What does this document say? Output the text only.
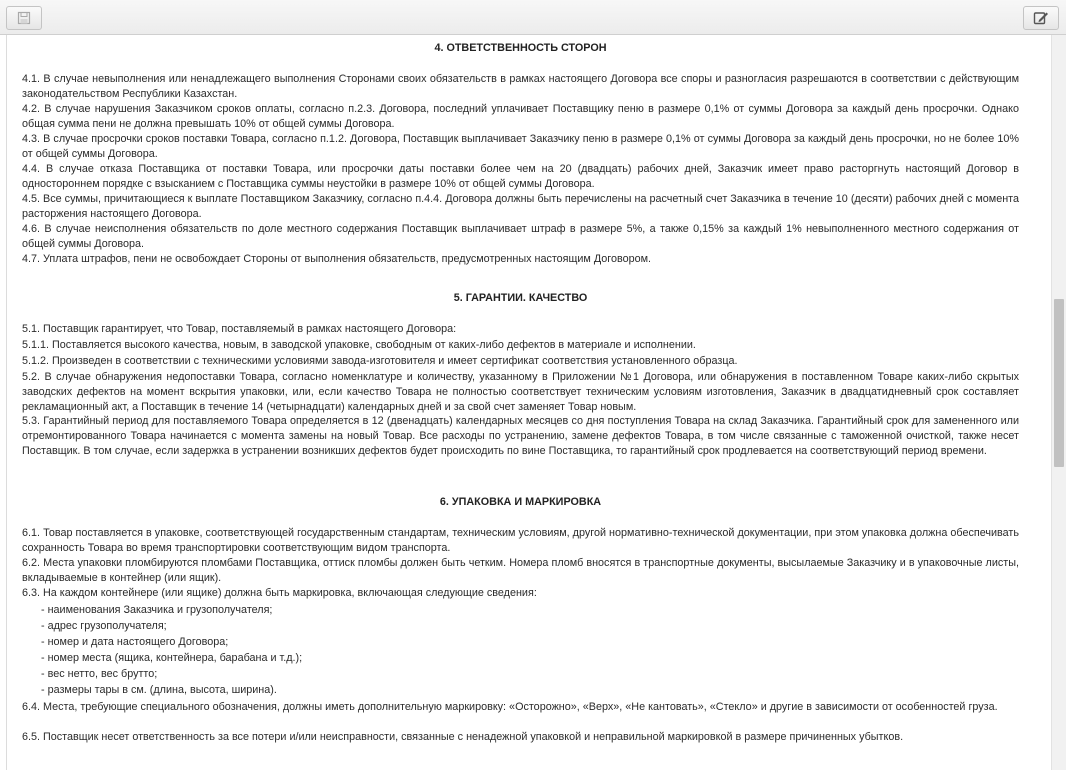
4. ОТВЕТСТВЕННОСТЬ СТОРОН
4.1. В случае невыполнения или ненадлежащего выполнения Сторонами своих обязательств в рамках настоящего Договора все споры и разногласия разрешаются в соответствии с действующим законодательством Республики Казахстан.
4.2. В случае нарушения Заказчиком сроков оплаты, согласно п.2.3. Договора, последний уплачивает Поставщику пеню в размере 0,1% от суммы Договора за каждый день просрочки. Однако общая сумма пени не должна превышать 10% от общей суммы Договора.
4.3. В случае просрочки сроков поставки Товара, согласно п.1.2. Договора, Поставщик выплачивает Заказчику пеню в размере 0,1% от суммы Договора за каждый день просрочки, но не более 10% от общей суммы Договора.
4.4. В случае отказа Поставщика от поставки Товара, или просрочки даты поставки более чем на 20 (двадцать) рабочих дней, Заказчик имеет право расторгнуть настоящий Договор в одностороннем порядке с взысканием с Поставщика суммы неустойки в размере 10% от общей суммы Договора.
4.5. Все суммы, причитающиеся к выплате Поставщиком Заказчику, согласно п.4.4. Договора должны быть перечислены на расчетный счет Заказчика в течение 10 (десяти) рабочих дней с момента расторжения настоящего Договора.
4.6. В случае неисполнения обязательств по доле местного содержания Поставщик выплачивает штраф в размере 5%, а также 0,15% за каждый 1% невыполненного местного содержания от общей суммы Договора.
4.7. Уплата штрафов, пени не освобождает Стороны от выполнения обязательств, предусмотренных настоящим Договором.
5. ГАРАНТИИ. КАЧЕСТВО
5.1. Поставщик гарантирует, что Товар, поставляемый в рамках настоящего Договора:
5.1.1. Поставляется высокого качества, новым, в заводской упаковке, свободным от каких-либо дефектов в материале и исполнении.
5.1.2. Произведен в соответствии с техническими условиями завода-изготовителя и имеет сертификат соответствия установленного образца.
5.2. В случае обнаружения недопоставки Товара, согласно номенклатуре и количеству, указанному в Приложении №1 Договора, или обнаружения в поставленном Товаре каких-либо скрытых заводских дефектов на момент вскрытия упаковки, или, если качество Товара не полностью соответствует техническим условиям изготовления, Заказчик в двадцатидневный срок составляет рекламационный акт, а Поставщик в течение 14 (четырнадцати) календарных дней и за свой счет заменяет Товар новым.
5.3. Гарантийный период для поставляемого Товара определяется в 12 (двенадцать) календарных месяцев со дня поступления Товара на склад Заказчика. Гарантийный срок для замененного или отремонтированного Товара начинается с момента замены на новый Товар. Все расходы по устранению, замене дефектов Товара, в том числе связанные с таможенной очисткой, также несет Поставщик. В том случае, если задержка в устранении возникших дефектов будет происходить по вине Поставщика, то гарантийный срок продлевается на соответствующий период времени.
6. УПАКОВКА И МАРКИРОВКА
6.1. Товар поставляется в упаковке, соответствующей государственным стандартам, техническим условиям, другой нормативно-технической документации, при этом упаковка должна обеспечивать сохранность Товара во время транспортировки соответствующим видом транспорта.
6.2. Места упаковки пломбируются пломбами Поставщика, оттиск пломбы должен быть четким. Номера пломб вносятся в транспортные документы, высылаемые Заказчику и в упаковочные листы, вкладываемые в контейнер (или ящик).
6.3. На каждом контейнере (или ящике) должна быть маркировка, включающая следующие сведения:
- наименования Заказчика и грузополучателя;
- адрес грузополучателя;
- номер и дата настоящего Договора;
- номер места (ящика, контейнера, барабана и т.д.);
- вес нетто, вес брутто;
- размеры тары в см. (длина, высота, ширина).
6.4. Места, требующие специального обозначения, должны иметь дополнительную маркировку: «Осторожно», «Верх», «Не кантовать», «Стекло» и другие в зависимости от особенностей груза.
6.5. Поставщик несет ответственность за все потери и/или неисправности, связанные с ненадежной упаковкой и неправильной маркировкой в размере причиненных убытков.
